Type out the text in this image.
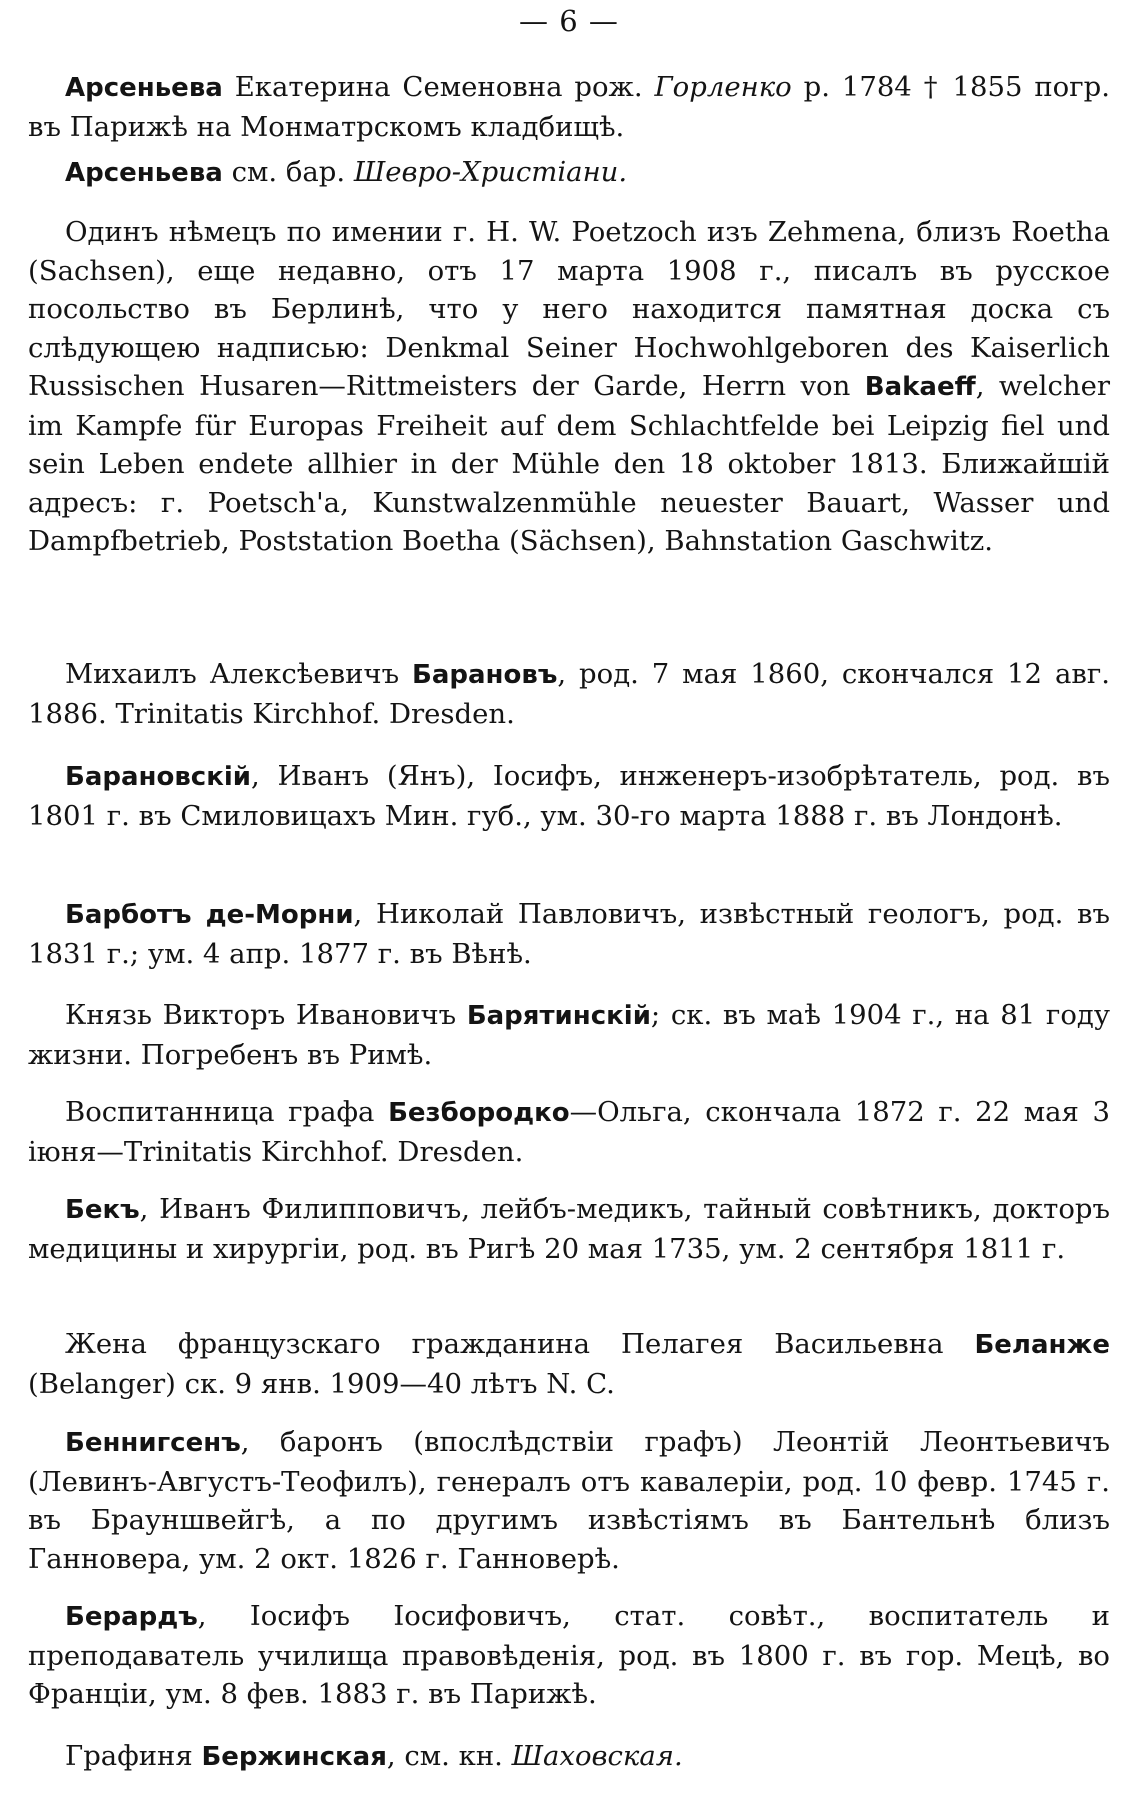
— 6 —

Арсеньева Екатерина Семеновна рож. Горленко р. 1784 † 1855 погр. въ Парижѣ на Монматрскомъ кладбищѣ.

Арсеньева см. бар. Шевро-Христіани.

Одинъ нѣмецъ по имении г. H. W. Poetzoch изъ Zehmena, близъ Roetha (Sachsen), еще недавно, отъ 17 марта 1908 г., писалъ въ русское посольство въ Берлинѣ, что у него находится памятная доска съ слѣдующею надписью: Denkmal Seiner Hochwohlgeboren des Kaiserlich Russischen Husaren—Rittmeisters der Garde, Herrn von Bakaeff, welcher im Kampfe für Europas Freiheit auf dem Schlachtfelde bei Leipzig fiel und sein Leben endete allhier in der Mühle den 18 oktober 1813. Ближайшій адресъ: г. Poetsch'a, Kunstwalzenmühle neuester Bauart, Wasser und Dampfbetrieb, Poststation Boetha (Sächsen), Bahnstation Gaschwitz.

Михаилъ Алексѣевичъ Барановъ, род. 7 мая 1860, скончался 12 авг. 1886. Trinitatis Kirchhof. Dresden.

Барановскій, Иванъ (Янъ), Іосифъ, инженеръ-изобрѣтатель, род. въ 1801 г. въ Смиловицахъ Мин. губ., ум. 30-го марта 1888 г. въ Лондонѣ.

Барботъ де-Морни, Николай Павловичъ, извѣстный геологъ, род. въ 1831 г.; ум. 4 апр. 1877 г. въ Вѣнѣ.

Князь Викторъ Ивановичъ Барятинскій; ск. въ маѣ 1904 г., на 81 году жизни. Погребенъ въ Римѣ.

Воспитанница графа Безбородко—Ольга, скончала 1872 г. 22 мая 3 іюня—Trinitatis Kirchhof. Dresden.

Бекъ, Иванъ Филипповичъ, лейбъ-медикъ, тайный совѣтникъ, докторъ медицины и хирургіи, род. въ Ригѣ 20 мая 1735, ум. 2 сентября 1811 г.

Жена французскаго гражданина Пелагея Васильевна Беланже (Belanger) ск. 9 янв. 1909—40 лѣтъ N. C.

Беннигсенъ, баронъ (впослѣдствіи графъ) Леонтій Леонтьевичъ (Левинъ-Августъ-Теофилъ), генералъ отъ кавалеріи, род. 10 февр. 1745 г. въ Брауншвейгѣ, а по другимъ извѣстіямъ въ Бантельнѣ близъ Ганновера, ум. 2 окт. 1826 г. Ганноверѣ.

Берардъ, Іосифъ Іосифовичъ, стат. совѣт., воспитатель и преподаватель училища правовѣденія, род. въ 1800 г. въ гор. Мецѣ, во Франціи, ум. 8 фев. 1883 г. въ Парижѣ.

Графиня Бержинская, см. кн. Шаховская.
